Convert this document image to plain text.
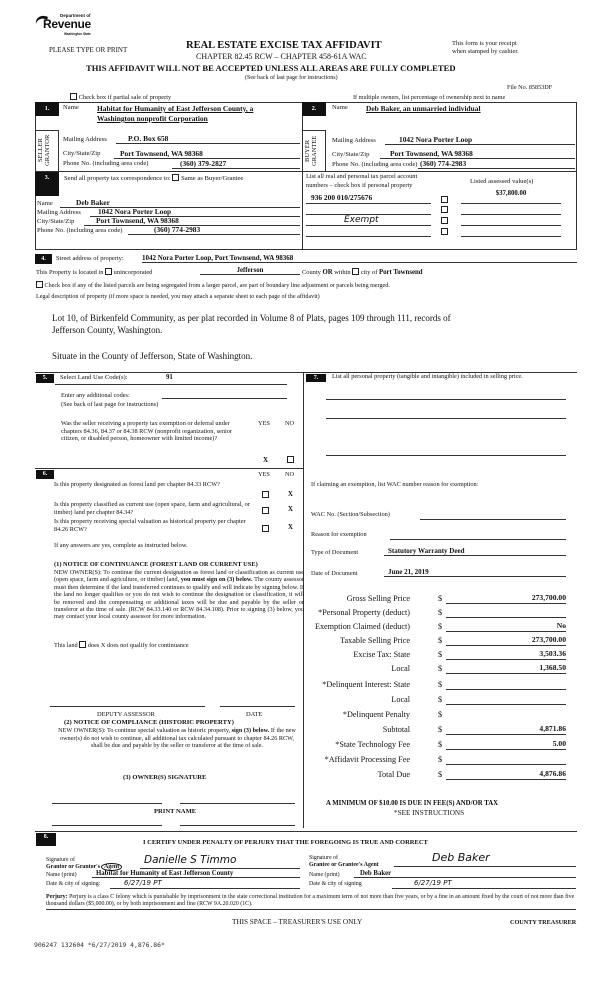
Department of
Revenue
Washington State
PLEASE TYPE OR PRINT	REAL ESTATE EXCISE TAX AFFIDAVIT
CHAPTER 82.45 RCW – CHAPTER 458-61A WAC
THIS AFFIDAVIT WILL NOT BE ACCEPTED UNLESS ALL AREAS ARE FULLY COMPLETED
(See back of last page for instructions)
This form is your receipt
when stamped by cashier.
File No. 85853DF
Check box if partial sale of property	If multiple owners, list percentage of ownership next to name
1.
SELLER
GRANTOR
Name Habitat for Humanity of East Jefferson County, a
Washington nonprofit Corporation
Mailing Address	P.O. Box 658
City/State/Zip	Port Townsend, WA 98368
Phone No. (including area code)	(360) 379-2827
2.
BUYER
GRANTEE
Name Deb Baker, an unmarried individual
Mailing Address	1042 Nora Porter Loop
City/State/Zip	Port Townsend, WA 98368
Phone No. (including area code) (360) 774-2983
3.	Send all property tax correspondence to: Same as Buyer/Grantee
Name	Deb Baker
Mailing Address	1042 Nora Porter Loop
City/State/Zip	Port Townsend, WA 98368
Phone No. (including area code)	(360) 774-2983
List all real and personal tax parcel account
numbers – check box if personal property	Listed assessed value(s)
936 200 010/275676	$37,800.00
Exempt
4.	Street address of property:	1042 Nora Porter Loop, Port Townsend, WA 98368
This Property is located in unincorporated	Jefferson	County OR within city of Port Townsend
Check box if any of the listed parcels are being segregated from a larger parcel, are part of boundary line adjustment or parcels being merged.
Legal description of property (if more space is needed, you may attach a separate sheet to each page of the affidavit)
Lot 10, of Birkenfeld Community, as per plat recorded in Volume 8 of Plats, pages 109 through 111, records of
Jefferson County, Washington.
Situate in the County of Jefferson, State of Washington.
5.	Select Land Use Code(s):	91
Enter any additional codes:
(See back of last page for instructions)
Was the seller receiving a property tax exemption or deferral under chapters 84.36, 84.37 or 84.38 RCW (nonprofit organization, senior citizen, or disabled person, homeowner with limited income)?
YES NO
X
6.	YES NO
Is this property designated as forest land per chapter 84.33 RCW?
X
Is this property classified as current use (open space, farm and agricultural, or timber) land per chapter 84.34?	X
Is this property receiving special valuation as historical property per chapter 84.26 RCW?	X
If any answers are yes, complete as instructed below.
(1) NOTICE OF CONTINUANCE (FOREST LAND OR CURRENT USE)
NEW OWNER(S): To continue the current designation as forest land or classification as current use (open space, farm and agriculture, or timber) land, you must sign on (3) below. The county assessor must then determine if the land transferred continues to qualify and will indicate by signing below. If the land no longer qualifies or you do not wish to continue the designation or classification, it will be removed and the compensating or additional taxes will be due and payable by the seller or transferor at the time of sale. (RCW 84.33.140 or RCW 84.34.108). Prior to signing (3) below, you may contact your local county assessor for more information.
This land does X does not qualify for continuance
DEPUTY ASSESSOR	DATE
(2) NOTICE OF COMPLIANCE (HISTORIC PROPERTY)
NEW OWNER(S): To continue special valuation as historic property, sign (3) below. If the new owner(s) do not wish to continue, all additional tax calculated pursuant to chapter 84.26 RCW, shall be due and payable by the seller or transferor at the time of sale.
(3) OWNER(S) SIGNATURE
PRINT NAME
7.	List all personal property (tangible and intangible) included in selling price.
If claiming an exemption, list WAC number reason for exemption:
WAC No. (Section/Subsection)
Reason for exemption
Type of Document	Statutory Warranty Deed
Date of Document	June 21, 2019
Gross Selling Price	$	273,700.00
*Personal Property (deduct)	$
Exemption Claimed (deduct)	$	No
Taxable Selling Price	$	273,700.00
Excise Tax: State	$	3,503.36
Local	$	1,368.50
*Delinquent Interest: State	$
Local	$
*Delinquent Penalty	$
Subtotal	$	4,871.86
*State Technology Fee	$	5.00
*Affidavit Processing Fee	$
Total Due	$	4,876.86
A MINIMUM OF $10.00 IS DUE IN FEE(S) AND/OR TAX
*SEE INSTRUCTIONS
8.
I CERTIFY UNDER PENALTY OF PERJURY THAT THE FOREGOING IS TRUE AND CORRECT
Signature of
Grantor or Grantor's Agent
Danielle S Timmo
Name (print)	Habitat for Humanity of East Jefferson County
Date & city of signing:	6/27/19 PT
Signature of
Grantee or Grantee's Agent
Deb Baker
Name (print)	Deb Baker
Date & city of signing	6/27/19 PT
Perjury: Perjury is a class C felony which is punishable by imprisonment in the state correctional institution for a maximum term of not more than five years, or by a fine in an amount fixed by the court of not more than five thousand dollars ($5,000.00), or by both imprisonment and fine (RCW 9A.20.020 (1C).
THIS SPACE – TREASURER'S USE ONLY	COUNTY TREASURER
906247 132604 *6/27/2019 4,876.86*
